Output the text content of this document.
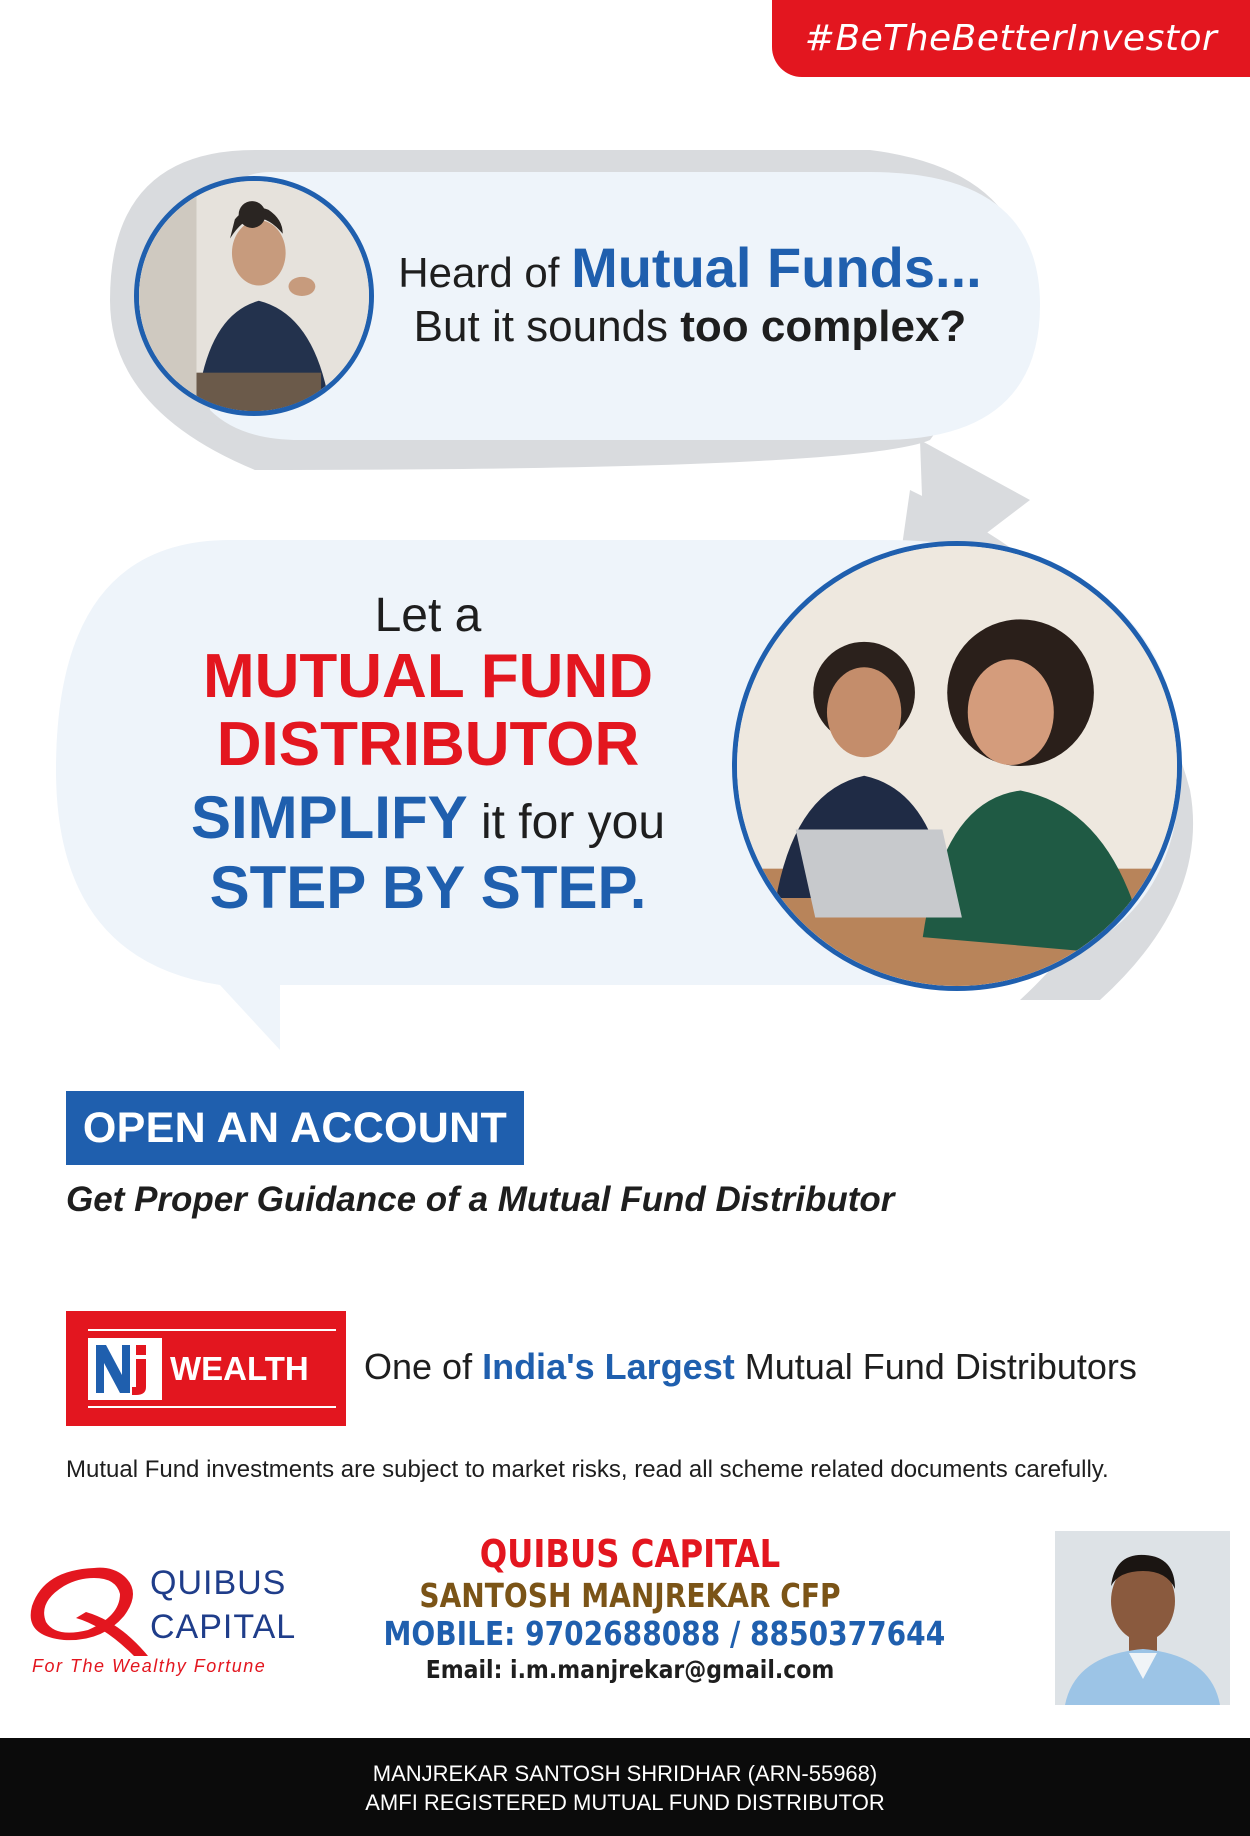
#BeTheBetterInvestor
Heard of Mutual Funds...
But it sounds too complex?
Let a
MUTUAL FUND
DISTRIBUTOR
SIMPLIFY it for you
STEP BY STEP.
OPEN AN ACCOUNT
Get Proper Guidance of a Mutual Fund Distributor
WEALTH One of India's Largest Mutual Fund Distributors
Mutual Fund investments are subject to market risks, read all scheme related documents carefully.
QUIBUS
CAPITAL
For The Wealthy Fortune
QUIBUS CAPITAL
SANTOSH MANJREKAR CFP
MOBILE: 9702688088 / 8850377644
Email: i.m.manjrekar@gmail.com
MANJREKAR SANTOSH SHRIDHAR (ARN-55968)
AMFI REGISTERED MUTUAL FUND DISTRIBUTOR
